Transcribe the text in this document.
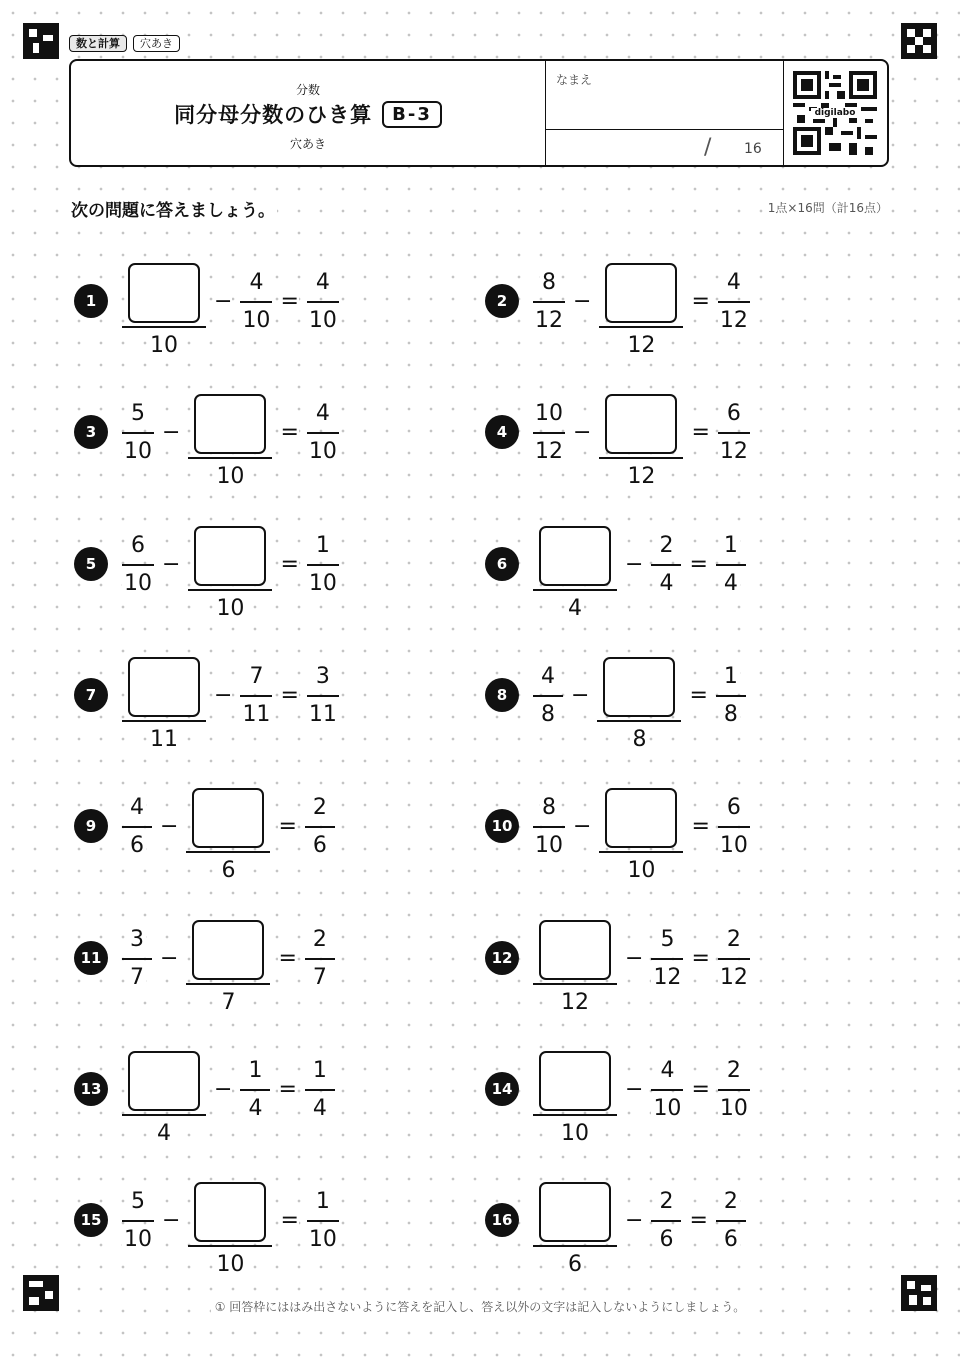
数と計算	穴あき
分数
同分母分数のひき算	B-3
穴あき
なまえ
/ 16
digilabo
次の問題に答えましょう。	1点×16問（計16点）
1
10
− $\frac{4}{10} = \frac{4}{10}$	2	$\frac{8}{12}$ −
12
= $\frac{4}{12}$
3	$\frac{5}{10}$ −
10
= $\frac{4}{10}$	4	$\frac{10}{12}$ −
12
= $\frac{6}{12}$
5	$\frac{6}{10}$ −
10
= $\frac{1}{10}$	6
4
− $\frac{2}{4} = \frac{1}{4}$
7
11
− $\frac{7}{11} = \frac{3}{11}$	8	$\frac{4}{8}$ −
8
= $\frac{1}{8}$
9	$\frac{4}{6}$ −
6
= $\frac{2}{6}$	$10 \frac{8}{10}$ −
10
= $\frac{6}{10}$
$11 \frac{3}{7}$ −
7
= $\frac{2}{7}$	12
12
− $\frac{5}{12} = \frac{2}{12}$
13
4
− $\frac{1}{4} = \frac{1}{4}$	14
10
− $\frac{4}{10} = \frac{2}{10}$
$15 \frac{5}{10}$ −
10
= $\frac{1}{10}$	16
6
− $\frac{2}{6} = \frac{2}{6}$
① 回答枠にははみ出さないように答えを記入し、答え以外の文字は記入しないようにしましょう。
